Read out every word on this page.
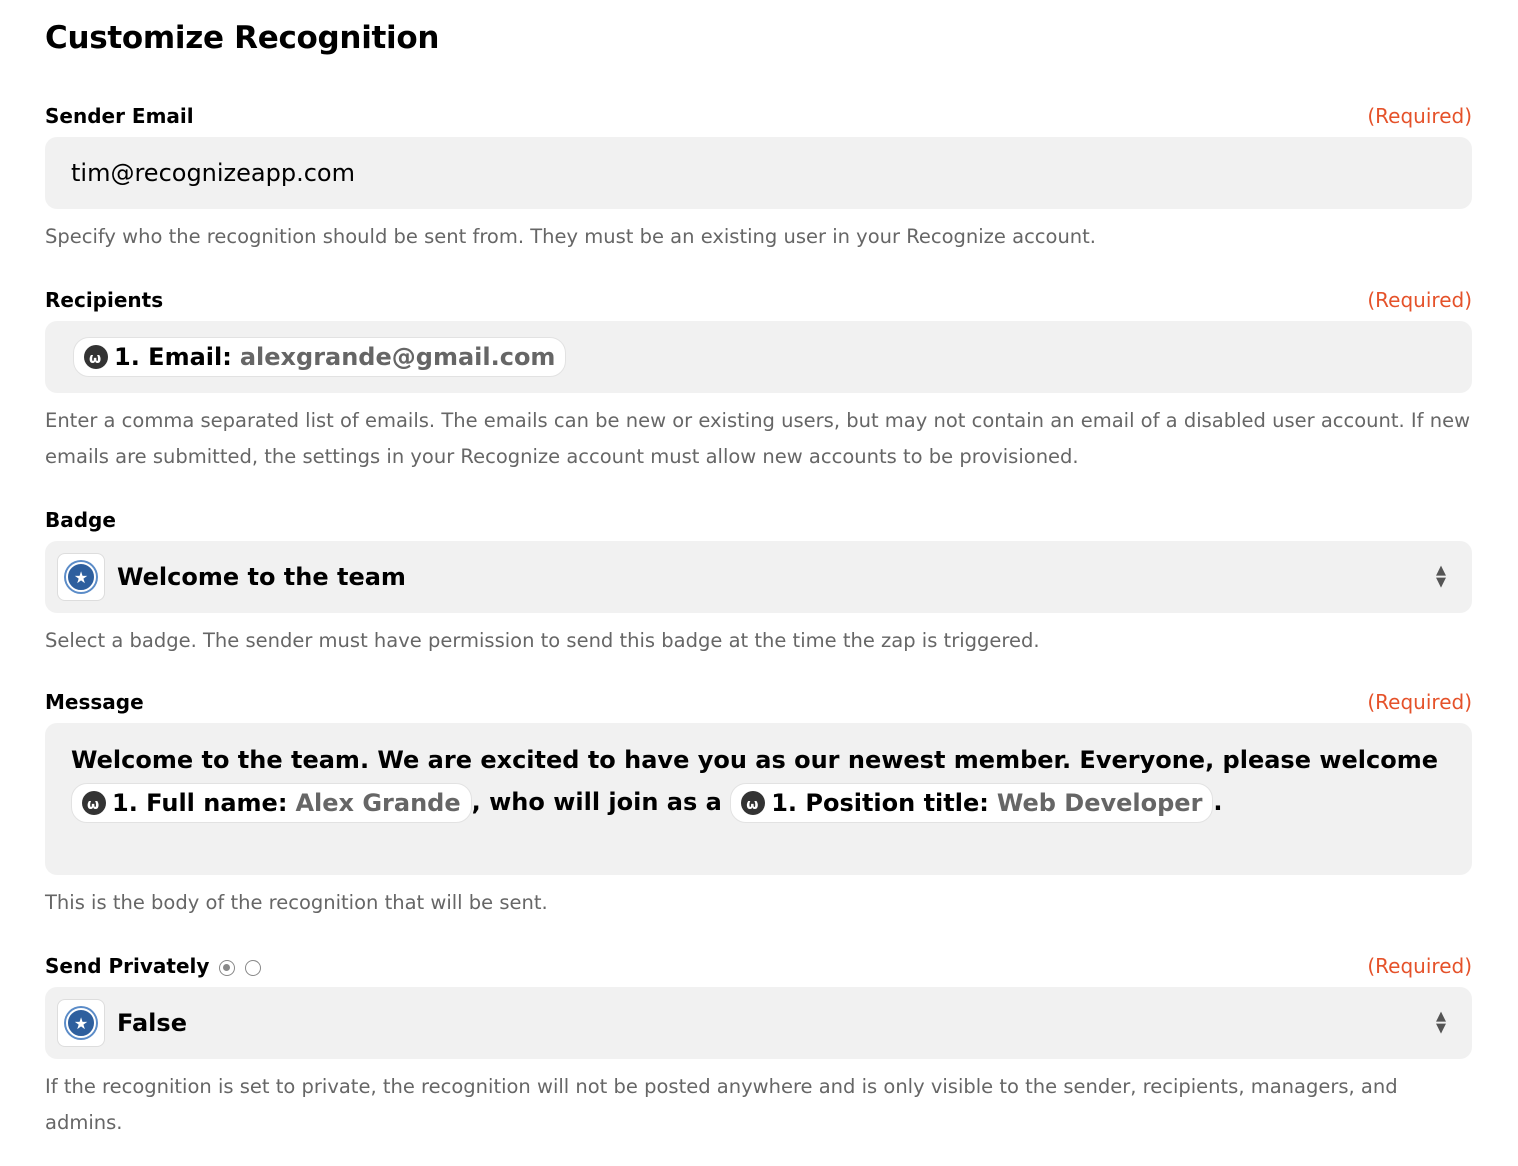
Customize Recognition
Sender Email	(Required)
tim@recognizeapp.com
Specify who the recognition should be sent from. They must be an existing user in your Recognize account.
Recipients	(Required)
ω
1. Email: alexgrande@gmail.com
Enter a comma separated list of emails. The emails can be new or existing users, but may not contain an email of a disabled user account. If new emails are submitted, the settings in your Recognize account must allow new accounts to be provisioned.
Badge
★	Welcome to the team	▲
▼
Select a badge. The sender must have permission to send this badge at the time the zap is triggered.
Message	(Required)
Welcome to the team. We are excited to have you as our newest member. Everyone, please welcome
ω
1. Full name: Alex Grande , who will join as a ω 1. Position title: Web Developer .
This is the body of the recognition that will be sent.
Send Privately	(Required)
★	False	▲
▼
If the recognition is set to private, the recognition will not be posted anywhere and is only visible to the sender, recipients, managers, and admins.
